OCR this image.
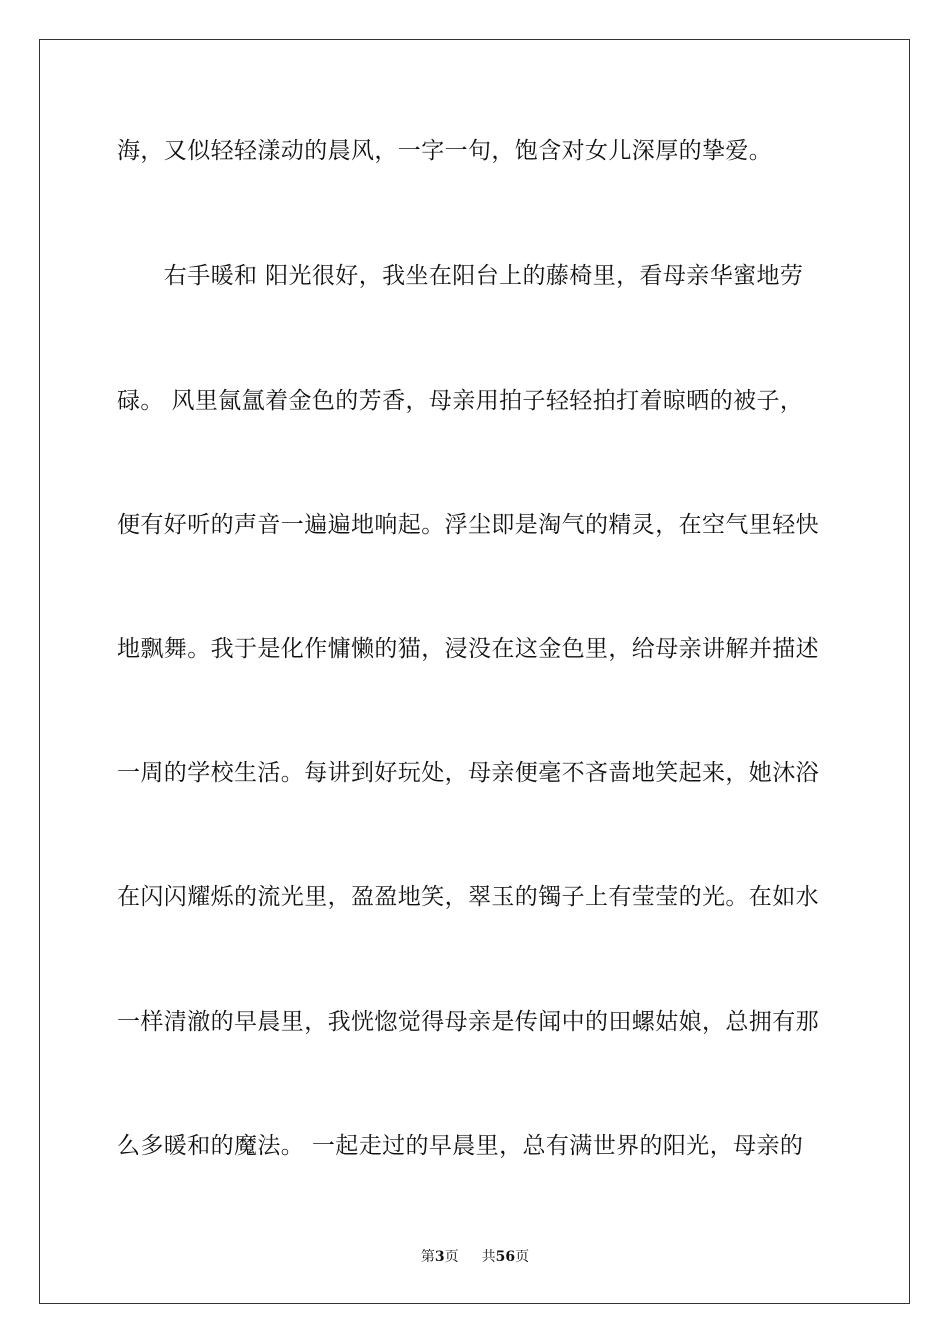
海，又似轻轻漾动的晨风，一字一句，饱含对女儿深厚的挚爱。
　　右手暖和 阳光很好，我坐在阳台上的藤椅里，看母亲华蜜地劳
碌。 风里氤氲着金色的芳香，母亲用拍子轻轻拍打着晾晒的被子，
便有好听的声音一遍遍地响起。浮尘即是淘气的精灵，在空气里轻快
地飘舞。我于是化作慵懒的猫，浸没在这金色里，给母亲讲解并描述
一周的学校生活。每讲到好玩处，母亲便毫不吝啬地笑起来，她沐浴
在闪闪耀烁的流光里，盈盈地笑，翠玉的镯子上有莹莹的光。在如水
一样清澈的早晨里，我恍惚觉得母亲是传闻中的田螺姑娘，总拥有那
么多暖和的魔法。 一起走过的早晨里，总有满世界的阳光，母亲的
第3页 共56页
